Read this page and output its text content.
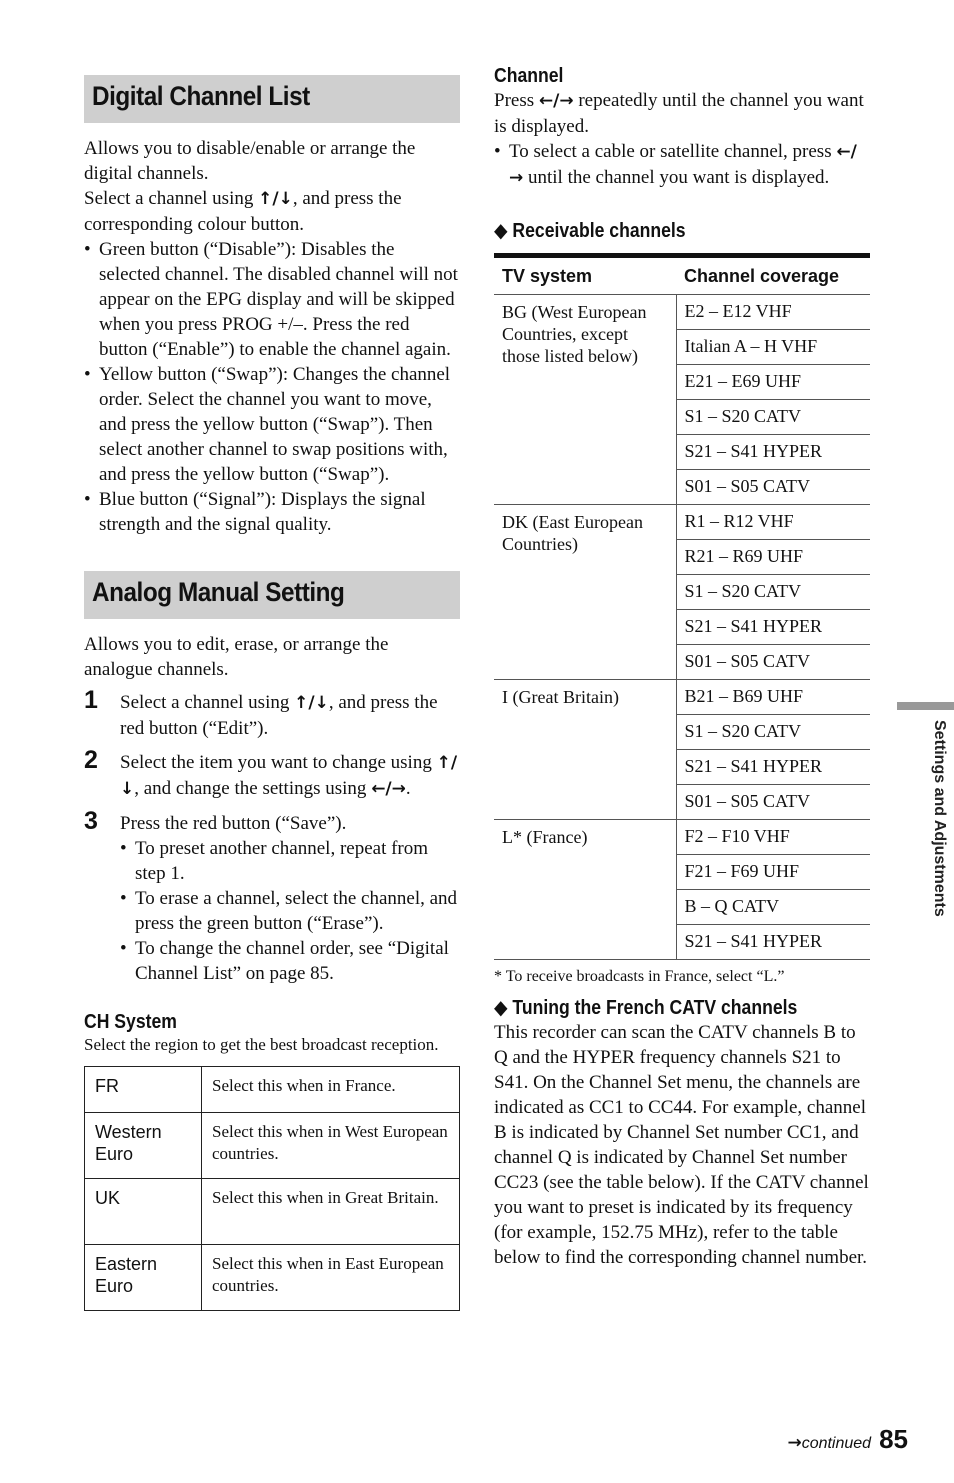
Digital Channel List

Allows you to disable/enable or arrange the digital channels.

Select a channel using ↑/↓, and press the corresponding colour button.

• Green button (“Disable”): Disables the selected channel. The disabled channel will not appear on the EPG display and will be skipped when you press PROG +/–. Press the red button (“Enable”) to enable the channel again.
• Yellow button (“Swap”): Changes the channel order. Select the channel you want to move, and press the yellow button (“Swap”). Then select another channel to swap positions with, and press the yellow button (“Swap”).
• Blue button (“Signal”): Displays the signal strength and the signal quality.
Analog Manual Setting

Allows you to edit, erase, or arrange the analogue channels.

1 Select a channel using ↑/↓, and press the red button (“Edit”).
2 Select the item you want to change using ↑/↓, and change the settings using ←/→.
3 Press the red button (“Save”).
• To preset another channel, repeat from step 1.
• To erase a channel, select the channel, and press the green button (“Erase”).
• To change the channel order, see “Digital Channel List” on page 85.
CH System

Select the region to get the best broadcast reception.

FR	Select this when in France.
Western Euro	Select this when in West European countries.
UK	Select this when in Great Britain.
Eastern Euro	Select this when in East European countries.
Channel

Press ←/→ repeatedly until the channel you want is displayed.

• To select a cable or satellite channel, press ←/→ until the channel you want is displayed.
◆ Receivable channels
TV system	Channel coverage
BG (West European Countries, except those listed below)	E2 – E12 VHF
	Italian A – H VHF
	E21 – E69 UHF
	S1 – S20 CATV
	S21 – S41 HYPER
	S01 – S05 CATV
DK (East European Countries)	R1 – R12 VHF
	R21 – R69 UHF
	S1 – S20 CATV
	S21 – S41 HYPER
	S01 – S05 CATV
I (Great Britain)	B21 – B69 UHF
	S1 – S20 CATV
	S21 – S41 HYPER
	S01 – S05 CATV
L* (France)	F2 – F10 VHF
	F21 – F69 UHF
	B – Q CATV
	S21 – S41 HYPER

* To receive broadcasts in France, select “L.”

◆ Tuning the French CATV channels

This recorder can scan the CATV channels B to Q and the HYPER frequency channels S21 to S41. On the Channel Set menu, the channels are indicated as CC1 to CC44. For example, channel B is indicated by Channel Set number CC1, and channel Q is indicated by Channel Set number CC23 (see the table below). If the CATV channel you want to preset is indicated by its frequency (for example, 152.75 MHz), refer to the table below to find the corresponding channel number.

Settings and Adjustments
→continued 85
